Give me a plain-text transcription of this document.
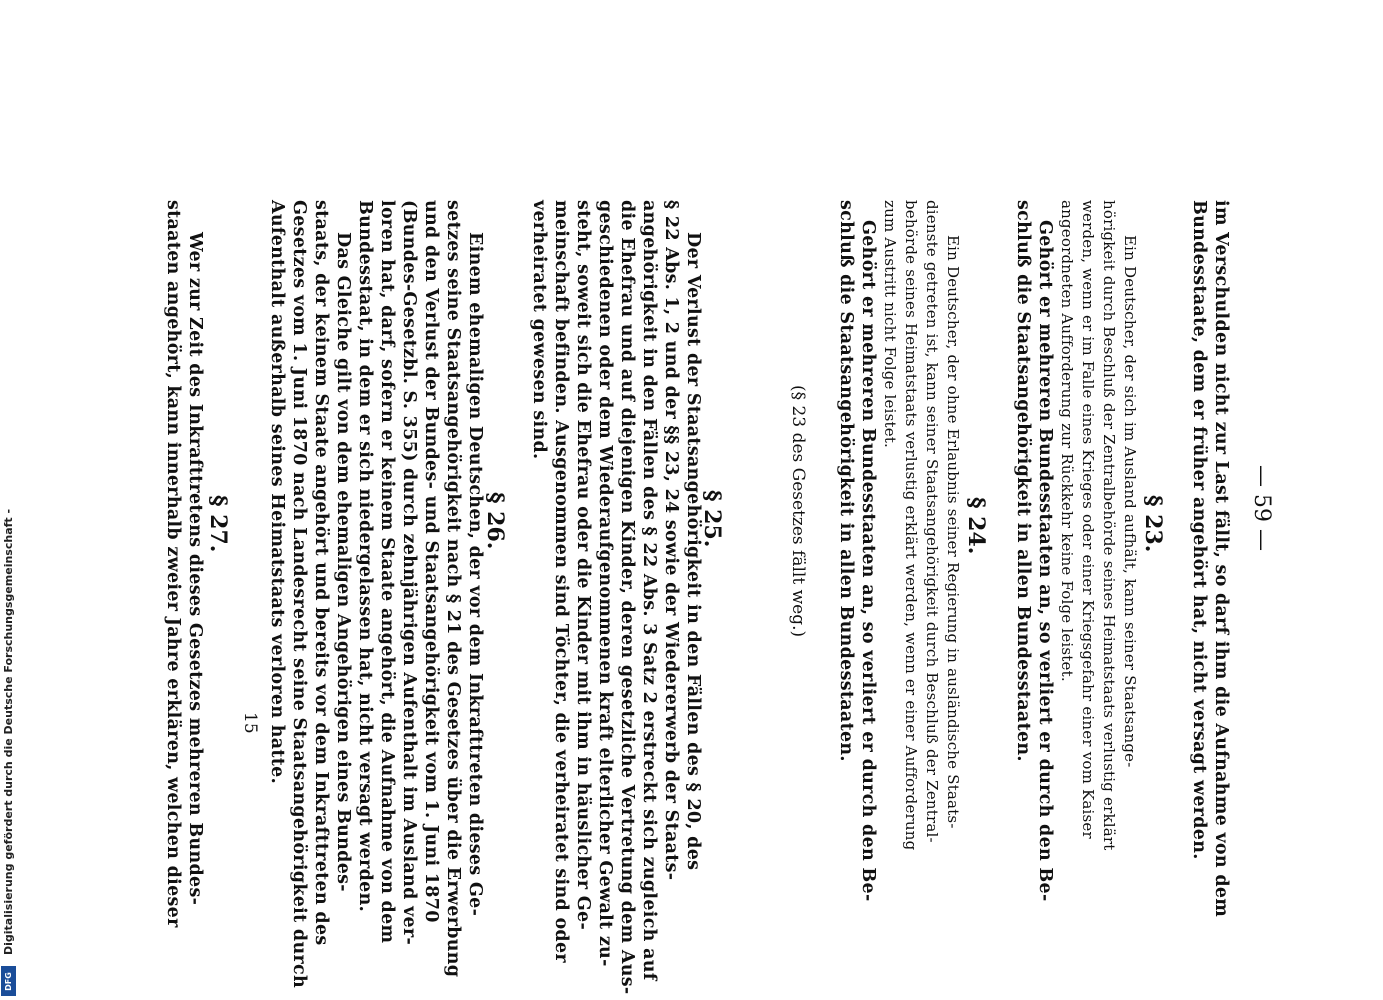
— 59 —
im Verschulden nicht zur Last fällt, so darf ihm die Aufnahme von dem
Bundesstaate, dem er früher angehört hat, nicht versagt werden.
§ 23.
Ein Deutscher, der sich im Ausland aufhält, kann seiner Staatsange-
hörigkeit durch Beschluß der Zentralbehörde seines Heimatstaats verlustig erklärt
werden, wenn er im Falle eines Krieges oder einer Kriegsgefahr einer vom Kaiser
angeordneten Aufforderung zur Rückkehr keine Folge leistet.
Gehört er mehreren Bundesstaaten an, so verliert er durch den Be-
schluß die Staatsangehörigkeit in allen Bundesstaaten.
§ 24.
Ein Deutscher, der ohne Erlaubnis seiner Regierung in ausländische Staats-
dienste getreten ist, kann seiner Staatsangehörigkeit durch Beschluß der Zentral-
behörde seines Heimatstaats verlustig erklärt werden, wenn er einer Aufforderung
zum Austritt nicht Folge leistet.
Gehört er mehreren Bundesstaaten an, so verliert er durch den Be-
schluß die Staatsangehörigkeit in allen Bundesstaaten.
(§ 23 des Gesetzes fällt weg.)
§ 25.
Der Verlust der Staatsangehörigkeit in den Fällen des § 20, des
§ 22 Abs. 1, 2 und der §§ 23, 24 sowie der Wiedererwerb der Staats-
angehörigkeit in den Fällen des § 22 Abs. 3 Satz 2 erstreckt sich zugleich auf
die Ehefrau und auf diejenigen Kinder, deren gesetzliche Vertretung dem Aus-
geschiedenen oder dem Wiederaufgenommenen kraft elterlicher Gewalt zu-
steht, soweit sich die Ehefrau oder die Kinder mit ihm in häuslicher Ge-
meinschaft befinden. Ausgenommen sind Töchter, die verheiratet sind oder
verheiratet gewesen sind.
§ 26.
Einem ehemaligen Deutschen, der vor dem Inkrafttreten dieses Ge-
setzes seine Staatsangehörigkeit nach § 21 des Gesetzes über die Erwerbung
und den Verlust der Bundes- und Staatsangehörigkeit vom 1. Juni 1870
(Bundes-Gesetzbl. S. 355) durch zehnjährigen Aufenthalt im Ausland ver-
loren hat, darf, sofern er keinem Staate angehört, die Aufnahme von dem
Bundesstaat, in dem er sich niedergelassen hat, nicht versagt werden.
Das Gleiche gilt von dem ehemaligen Angehörigen eines Bundes-
staats, der keinem Staate angehört und bereits vor dem Inkrafttreten des
Gesetzes vom 1. Juni 1870 nach Landesrecht seine Staatsangehörigkeit durch
Aufenthalt außerhalb seines Heimatstaats verloren hatte.
15
§ 27.
Wer zur Zeit des Inkrafttretens dieses Gesetzes mehreren Bundes-
staaten angehört, kann innerhalb zweier Jahre erklären, welchen dieser
Digitalisierung gefördert durch die Deutsche Forschungsgemeinschaft -
DFG
